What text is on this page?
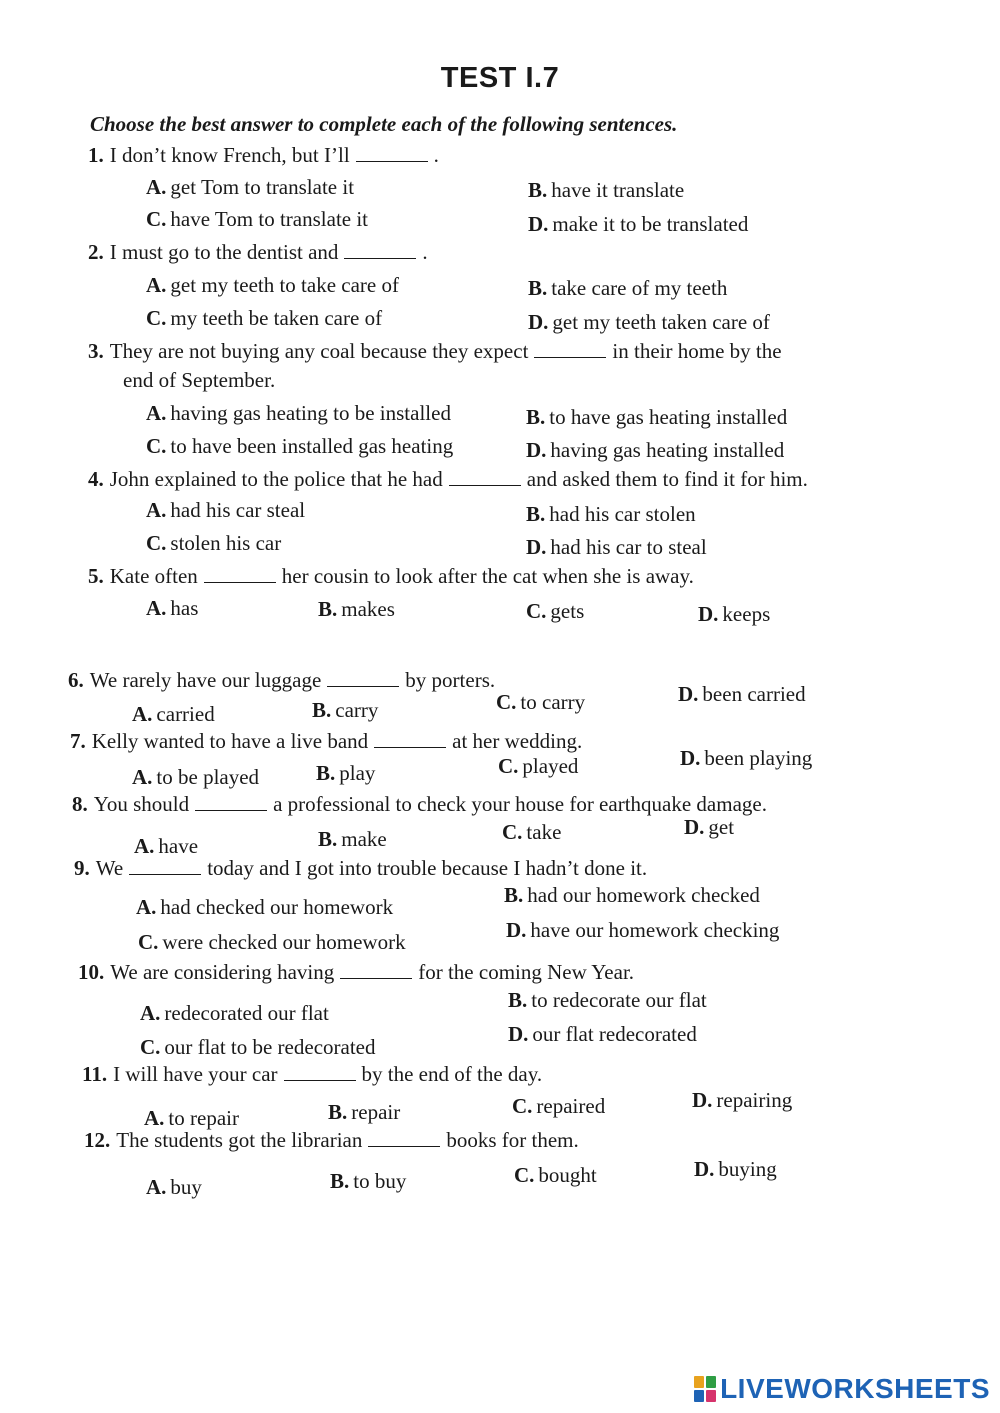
TEST I.7
Choose the best answer to complete each of the following sentences.
1. I don’t know French, but I’ll	.
A. get Tom to translate it	B. have it translate
C. have Tom to translate it	D. make it to be translated
2. I must go to the dentist and	.
A. get my teeth to take care of	B. take care of my teeth
C. my teeth be taken care of	D. get my teeth taken care of
3. They are not buying any coal because they expect	in their home by the
end of September.
A. having gas heating to be installed	B. to have gas heating installed
C. to have been installed gas heating	D. having gas heating installed
4. John explained to the police that he had	and asked them to find it for him.
A. had his car steal	B. had his car stolen
C. stolen his car	D. had his car to steal
5. Kate often	her cousin to look after the cat when she is away.
A. has	B. makes	C. gets	D. keeps
6. We rarely have our luggage	by porters.
A. carried	B. carry	C. to carry	D. been carried
7. Kelly wanted to have a live band	at her wedding.
A. to be played	B. play	C. played	D. been playing
8. You should	a professional to check your house for earthquake damage.
A. have	B. make	C. take	D. get
9. We	today and I got into trouble because I hadn’t done it.
A. had checked our homework	B. had our homework checked
C. were checked our homework	D. have our homework checking
10. We are considering having	for the coming New Year.
A. redecorated our flat
B. to redecorate our flat
C. our flat to be redecorated
D. our flat redecorated
11. I will have your car	by the end of the day.
A. to repair	B. repair	C. repaired	D. repairing
12. The students got the librarian	books for them.
A. buy	B. to buy	C. bought	D. buying
LIVEWORKSHEETS
